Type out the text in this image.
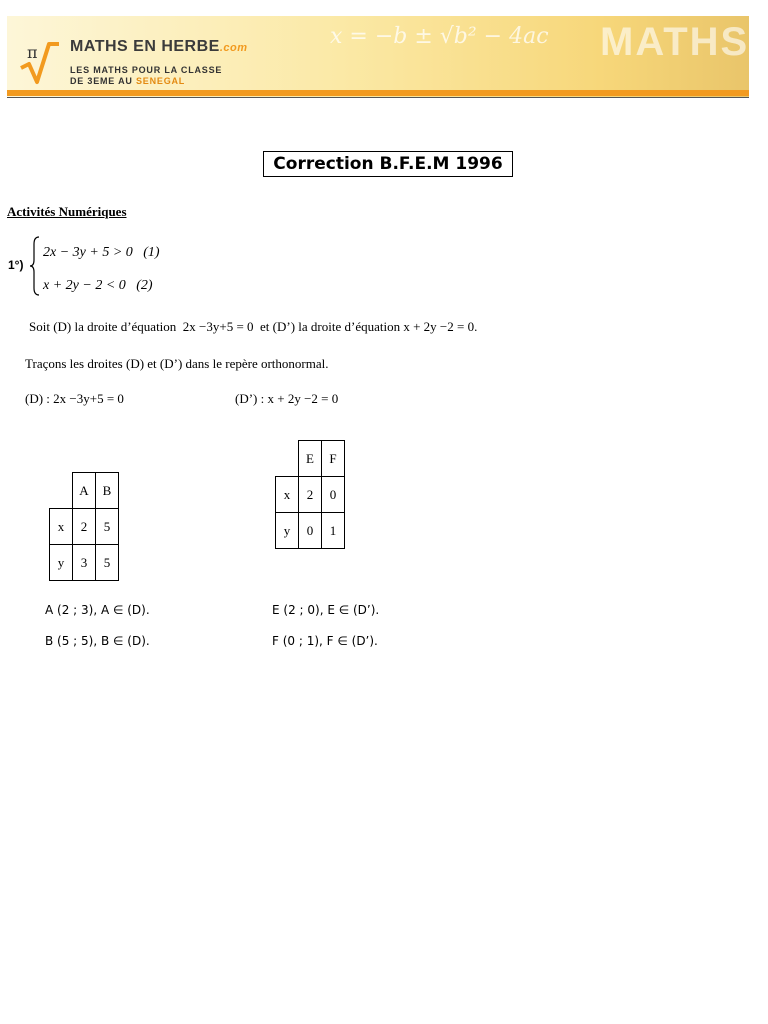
x = −b ± √b² − 4ac MATHS
π MATHS EN HERBE.com
LES MATHS POUR LA CLASSE
DE 3EME AU SENEGAL
Correction B.F.E.M 1996
Activités Numériques
1°)
2x − 3y + 5 > 0   (1)
x + 2y − 2 < 0   (2)
Soit (D) la droite d’équation  2x −3y+5 = 0  et (D’) la droite d’équation x + 2y −2 = 0.
Traçons les droites (D) et (D’) dans le repère orthonormal.
(D) : 2x −3y+5 = 0	(D’) : x + 2y −2 = 0
	A	B
x	2	5
y	3	5
	E	F
x	2	0
y	0	1
A (2 ; 3), A ∈ (D).
B (5 ; 5), B ∈ (D).
E (2 ; 0), E ∈ (D’).
F (0 ; 1), F ∈ (D’).
